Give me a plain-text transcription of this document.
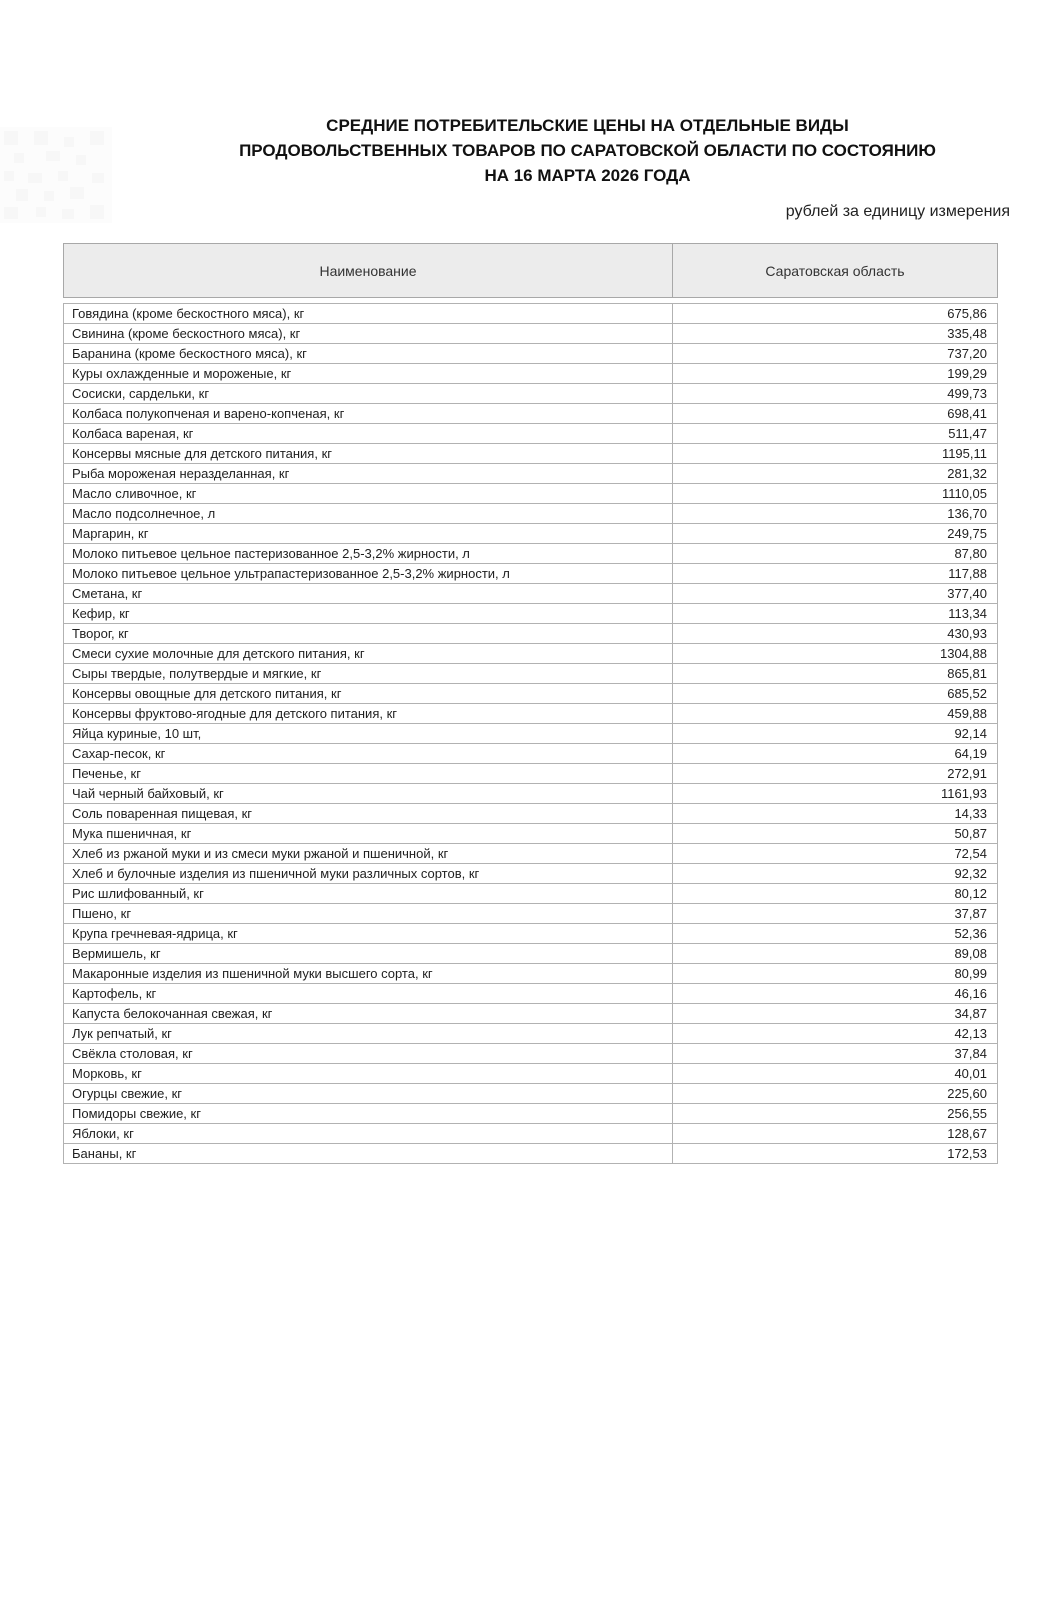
СРЕДНИЕ ПОТРЕБИТЕЛЬСКИЕ ЦЕНЫ НА ОТДЕЛЬНЫЕ ВИДЫ
ПРОДОВОЛЬСТВЕННЫХ ТОВАРОВ ПО САРАТОВСКОЙ ОБЛАСТИ ПО СОСТОЯНИЮ
НА 16 МАРТА 2026 ГОДА
рублей за единицу измерения
Наименование	Саратовская область
Говядина (кроме бескостного мяса), кг	675,86
Свинина (кроме бескостного мяса), кг	335,48
Баранина (кроме бескостного мяса), кг	737,20
Куры охлажденные и мороженые, кг	199,29
Сосиски, сардельки, кг	499,73
Колбаса полукопченая и варено-копченая, кг	698,41
Колбаса вареная, кг	511,47
Консервы мясные для детского питания, кг	1195,11
Рыба мороженая неразделанная, кг	281,32
Масло сливочное, кг	1110,05
Масло подсолнечное, л	136,70
Маргарин, кг	249,75
Молоко питьевое цельное пастеризованное 2,5-3,2% жирности, л	87,80
Молоко питьевое цельное ультрапастеризованное 2,5-3,2% жирности, л	117,88
Сметана, кг	377,40
Кефир, кг	113,34
Творог, кг	430,93
Смеси сухие молочные для детского питания, кг	1304,88
Сыры твердые, полутвердые и мягкие, кг	865,81
Консервы овощные для детского питания, кг	685,52
Консервы фруктово-ягодные для детского питания, кг	459,88
Яйца куриные, 10 шт,	92,14
Сахар-песок, кг	64,19
Печенье, кг	272,91
Чай черный байховый, кг	1161,93
Соль поваренная пищевая, кг	14,33
Мука пшеничная, кг	50,87
Хлеб из ржаной муки и из смеси муки ржаной и пшеничной, кг	72,54
Хлеб и булочные изделия из пшеничной муки различных сортов, кг	92,32
Рис шлифованный, кг	80,12
Пшено, кг	37,87
Крупа гречневая-ядрица, кг	52,36
Вермишель, кг	89,08
Макаронные изделия из пшеничной муки высшего сорта, кг	80,99
Картофель, кг	46,16
Капуста белокочанная свежая, кг	34,87
Лук репчатый, кг	42,13
Свёкла столовая, кг	37,84
Морковь, кг	40,01
Огурцы свежие, кг	225,60
Помидоры свежие, кг	256,55
Яблоки, кг	128,67
Бананы, кг	172,53
